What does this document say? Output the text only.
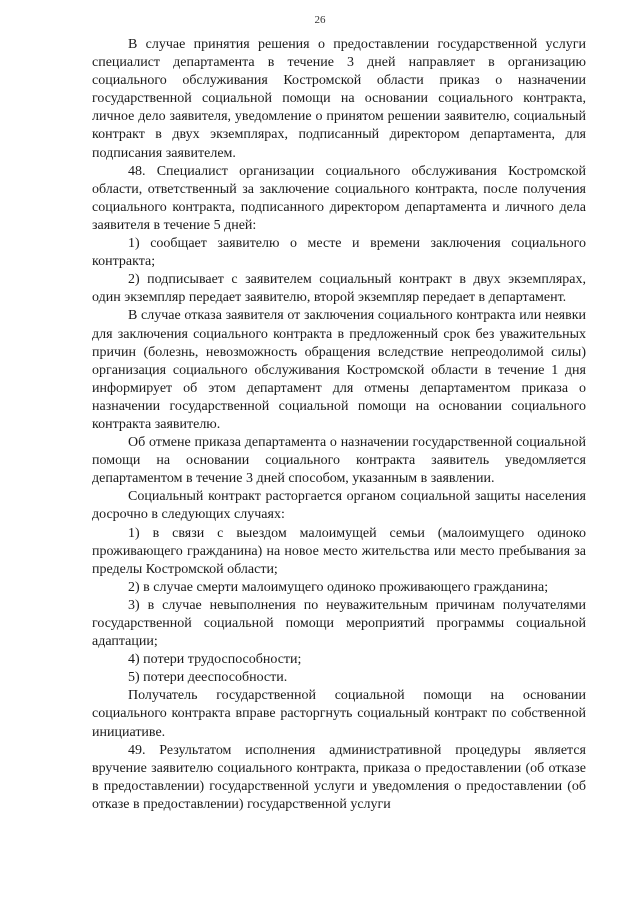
26

В случае принятия решения о предоставлении государственной услуги специалист департамента в течение 3 дней направляет в организацию социального обслуживания Костромской области приказ о назначении государственной социальной помощи на основании социального контракта, личное дело заявителя, уведомление о принятом решении заявителю, социальный контракт в двух экземплярах, подписанный директором департамента, для подписания заявителем.

48. Специалист организации социального обслуживания Костромской области, ответственный за заключение социального контракта, после получения социального контракта, подписанного директором департамента и личного дела заявителя в течение 5 дней:

1) сообщает заявителю о месте и времени заключения социального контракта;

2) подписывает с заявителем социальный контракт в двух экземплярах, один экземпляр передает заявителю, второй экземпляр передает в департамент.

В случае отказа заявителя от заключения социального контракта или неявки для заключения социального контракта в предложенный срок без уважительных причин (болезнь, невозможность обращения вследствие непреодолимой силы) организация социального обслуживания Костромской области в течение 1 дня информирует об этом департамент для отмены департаментом приказа о назначении государственной социальной помощи на основании социального контракта заявителю.

Об отмене приказа департамента о назначении государственной социальной помощи на основании социального контракта заявитель уведомляется департаментом в течение 3 дней способом, указанным в заявлении.

Социальный контракт расторгается органом социальной защиты населения досрочно в следующих случаях:

1) в связи с выездом малоимущей семьи (малоимущего одиноко проживающего гражданина) на новое место жительства или место пребывания за пределы Костромской области;

2) в случае смерти малоимущего одиноко проживающего гражданина;

3) в случае невыполнения по неуважительным причинам получателями государственной социальной помощи мероприятий программы социальной адаптации;

4) потери трудоспособности;

5) потери дееспособности.

Получатель государственной социальной помощи на основании социального контракта вправе расторгнуть социальный контракт по собственной инициативе.

49. Результатом исполнения административной процедуры является вручение заявителю социального контракта, приказа о предоставлении (об отказе в предоставлении) государственной услуги и уведомления о предоставлении (об отказе в предоставлении) государственной услуги
